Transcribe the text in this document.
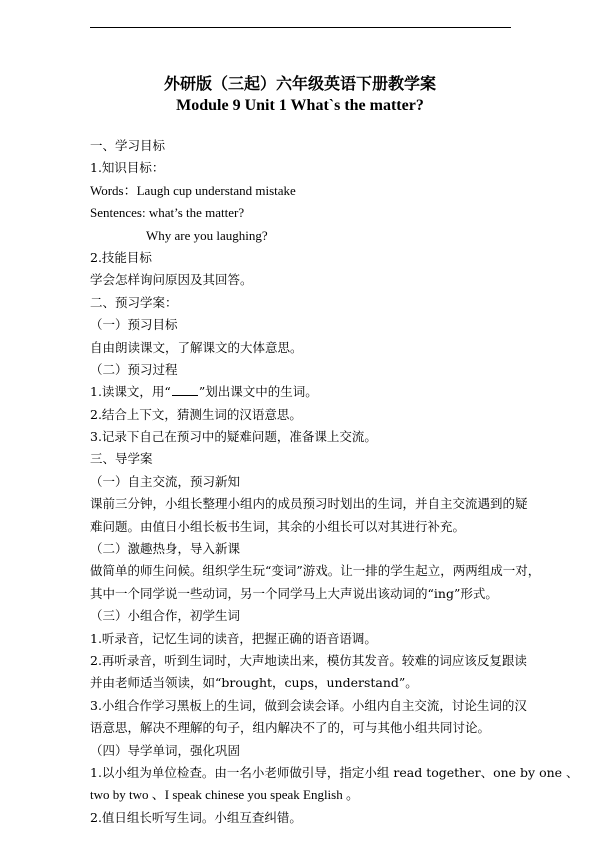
外研版（三起）六年级英语下册教学案
Module 9 Unit 1 What`s the matter?
一、学习目标
1.知识目标：
Words：Laugh cup understand mistake
Sentences: what’s the matter?
Why are you laughing?
2.技能目标
学会怎样询问原因及其回答。
二、预习学案：
（一）预习目标
自由朗读课文，了解课文的大体意思。
（二）预习过程
1.读课文，用“ ”划出课文中的生词。
2.结合上下文，猜测生词的汉语意思。
3.记录下自己在预习中的疑难问题，准备课上交流。
三、导学案
（一）自主交流，预习新知
课前三分钟，小组长整理小组内的成员预习时划出的生词，并自主交流遇到的疑
难问题。由值日小组长板书生词，其余的小组长可以对其进行补充。
（二）激趣热身，导入新课
做简单的师生问候。组织学生玩“变词”游戏。让一排的学生起立，两两组成一对，
其中一个同学说一些动词，另一个同学马上大声说出该动词的“ing”形式。
（三）小组合作，初学生词
1.听录音，记忆生词的读音，把握正确的语音语调。
2.再听录音，听到生词时，大声地读出来，模仿其发音。较难的词应该反复跟读
并由老师适当领读，如“brought，cups，understand”。
3.小组合作学习黑板上的生词，做到会读会译。小组内自主交流，讨论生词的汉
语意思，解决不理解的句子，组内解决不了的，可与其他小组共同讨论。
（四）导学单词，强化巩固
1.以小组为单位检查。由一名小老师做引导，指定小组 read together、one by one 、
two by two 、I speak chinese you speak English 。
2.值日组长听写生词。小组互查纠错。
